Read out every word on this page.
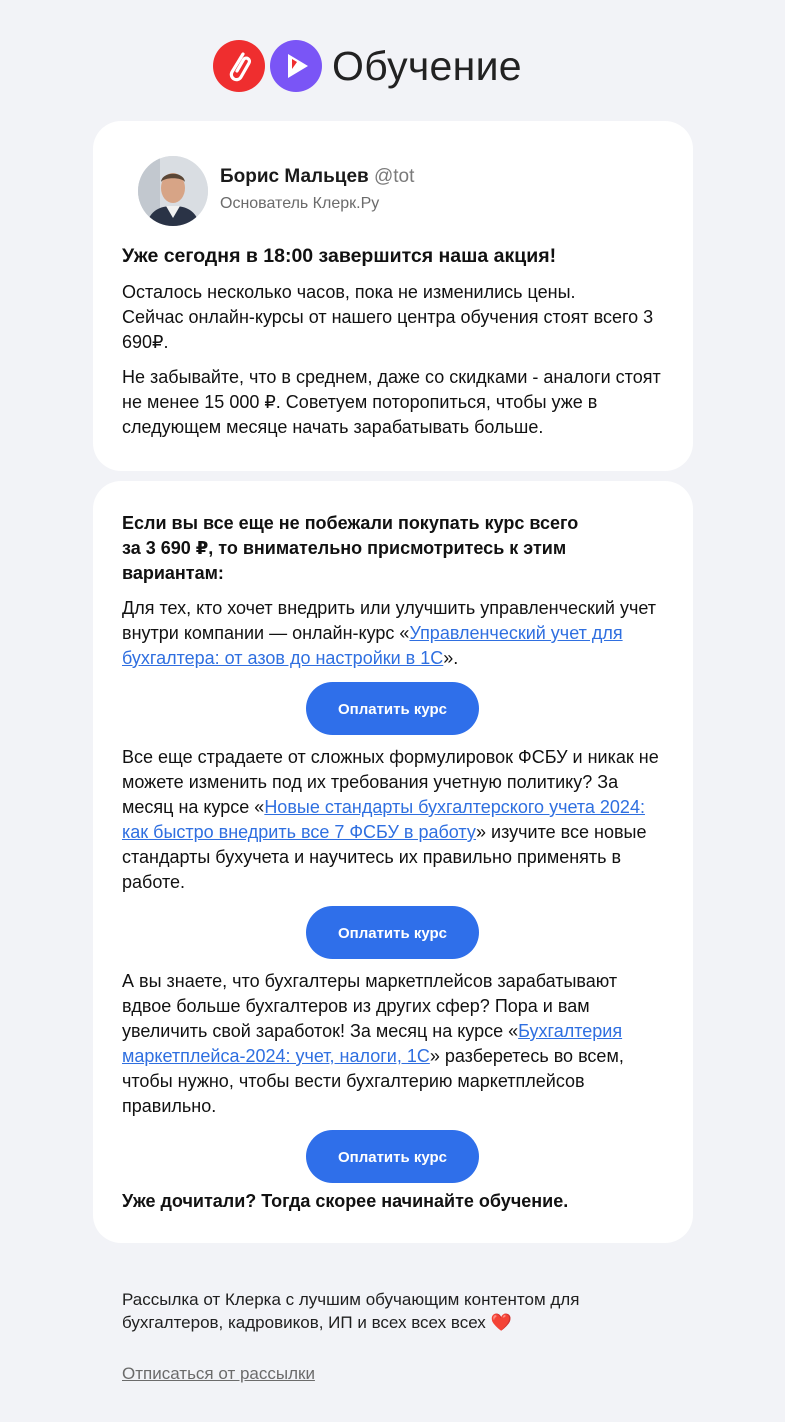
Обучение
Борис Мальцев @tot
Основатель Клерк.Ру
Уже сегодня в 18:00 завершится наша акция!
Осталось несколько часов, пока не изменились цены.
Сейчас онлайн-курсы от нашего центра обучения стоят всего 3 690₽.
Не забывайте, что в среднем, даже со скидками - аналоги стоят не менее 15 000 ₽. Советуем поторопиться, чтобы уже в следующем месяце начать зарабатывать больше.
Если вы все еще не побежали покупать курс всего за 3 690 ₽, то внимательно присмотритесь к этим вариантам:
Для тех, кто хочет внедрить или улучшить управленческий учет внутри компании — онлайн-курс «Управленческий учет для бухгалтера: от азов до настройки в 1С».
Оплатить курс
Все еще страдаете от сложных формулировок ФСБУ и никак не можете изменить под их требования учетную политику? За месяц на курсе «Новые стандарты бухгалтерского учета 2024: как быстро внедрить все 7 ФСБУ в работу» изучите все новые стандарты бухучета и научитесь их правильно применять в работе.
Оплатить курс
А вы знаете, что бухгалтеры маркетплейсов зарабатывают вдвое больше бухгалтеров из других сфер? Пора и вам увеличить свой заработок! За месяц на курсе «Бухгалтерия маркетплейса-2024: учет, налоги, 1С» разберетесь во всем, чтобы нужно, чтобы вести бухгалтерию маркетплейсов правильно.
Оплатить курс
Уже дочитали? Тогда скорее начинайте обучение.
Рассылка от Клерка с лучшим обучающим контентом для бухгалтеров, кадровиков, ИП и всех всех всех ❤️
Отписаться от рассылки
